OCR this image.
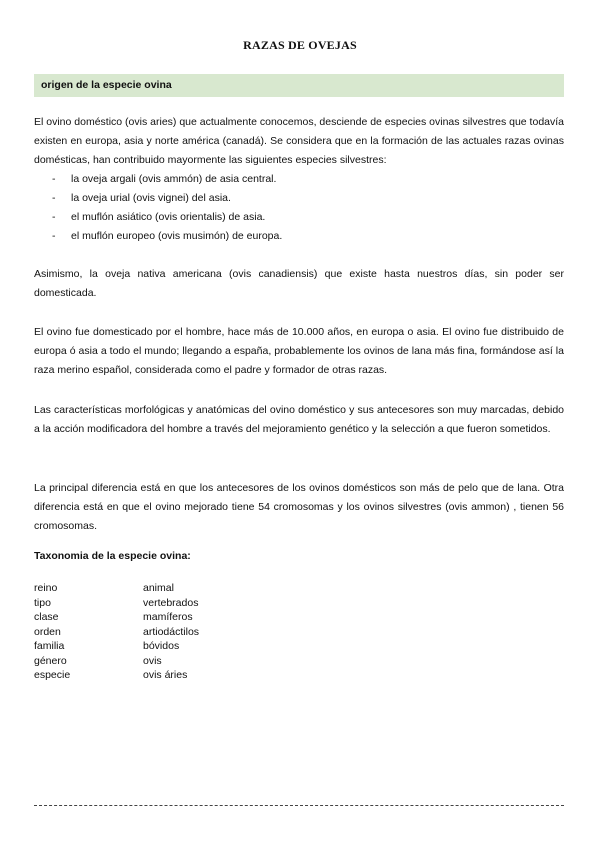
RAZAS DE OVEJAS
origen de la especie ovina

El ovino doméstico (ovis aries) que actualmente conocemos, desciende de especies ovinas silvestres que todavía existen en europa, asia y norte américa (canadá). Se considera que en la formación de las actuales razas ovinas domésticas, han contribuido mayormente las siguientes especies silvestres:

- la oveja argali (ovis ammón) de asia central.
- la oveja urial (ovis vignei) del asia.
- el muflón asiático (ovis orientalis) de asia.
- el muflón europeo (ovis musimón) de europa.

Asimismo, la oveja nativa americana (ovis canadiensis) que existe hasta nuestros días, sin poder ser domesticada.

El ovino fue domesticado por el hombre, hace más de 10.000 años, en europa o asia. El ovino fue distribuido de europa ó asia a todo el mundo; llegando a españa, probablemente los ovinos de lana más fina, formándose así la raza merino español, considerada como el padre y formador de otras razas.

Las características morfológicas y anatómicas del ovino doméstico y sus antecesores son muy marcadas, debido a la acción modificadora del hombre a través del mejoramiento genético y la selección a que fueron sometidos.

La principal diferencia está en que los antecesores de los ovinos domésticos son más de pelo que de lana. Otra diferencia está en que el ovino mejorado tiene 54 cromosomas y los ovinos silvestres (ovis ammon) , tienen 56 cromosomas.

Taxonomia de la especie ovina:
reino	animal
tipo	vertebrados
clase	mamíferos
orden	artiodáctilos
familia	bóvidos
género	ovis
especie	ovis áries
